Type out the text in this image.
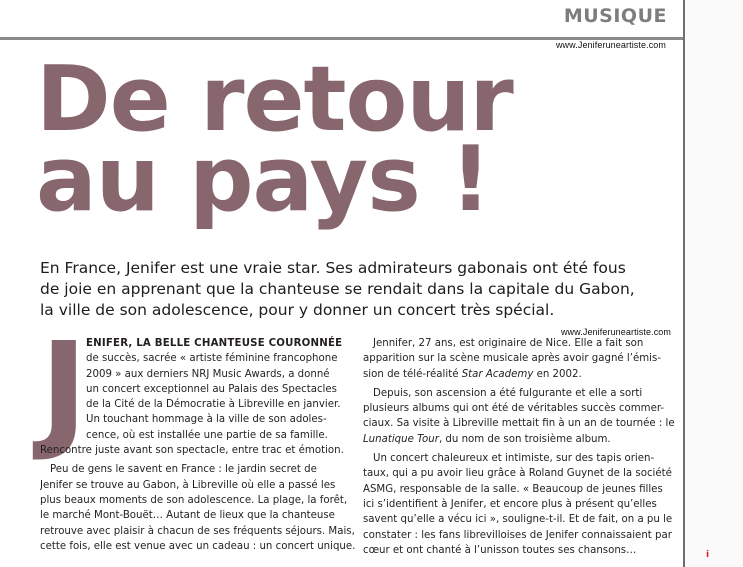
MUSIQUE
www.Jeniferuneartiste.com
De retour
au pays !

En France, Jenifer est une vraie star. Ses admirateurs gabonais ont été fous
de joie en apprenant que la chanteuse se rendait dans la capitale du Gabon,
la ville de son adolescence, pour y donner un concert très spécial.

www.Jeniferuneartiste.com
J
ENIFER, LA BELLE CHANTEUSE COURONNÉE
de succès, sacrée « artiste féminine francophone
2009 » aux derniers NRJ Music Awards, a donné
un concert exceptionnel au Palais des Spectacles
de la Cité de la Démocratie à Libreville en janvier.
Un touchant hommage à la ville de son adoles-
cence, où est installée une partie de sa famille.
Rencontre juste avant son spectacle, entre trac et émotion.
Peu de gens le savent en France : le jardin secret de
Jenifer se trouve au Gabon, à Libreville où elle a passé les
plus beaux moments de son adolescence. La plage, la forêt,
le marché Mont-Bouët… Autant de lieux que la chanteuse
retrouve avec plaisir à chacun de ses fréquents séjours. Mais,
cette fois, elle est venue avec un cadeau : un concert unique.
Jennifer, 27 ans, est originaire de Nice. Elle a fait son
apparition sur la scène musicale après avoir gagné l’émis-
sion de télé-réalité Star Academy en 2002.
Depuis, son ascension a été fulgurante et elle a sorti
plusieurs albums qui ont été de véritables succès commer-
ciaux. Sa visite à Libreville mettait fin à un an de tournée : le
Lunatique Tour, du nom de son troisième album.
Un concert chaleureux et intimiste, sur des tapis orien-
taux, qui a pu avoir lieu grâce à Roland Guynet de la société
ASMG, responsable de la salle. « Beaucoup de jeunes filles
ici s’identifient à Jenifer, et encore plus à présent qu’elles
savent qu’elle a vécu ici », souligne-t-il. Et de fait, on a pu le
constater : les fans librevilloises de Jenifer connaissaient par
cœur et ont chanté à l’unisson toutes ses chansons…	i
